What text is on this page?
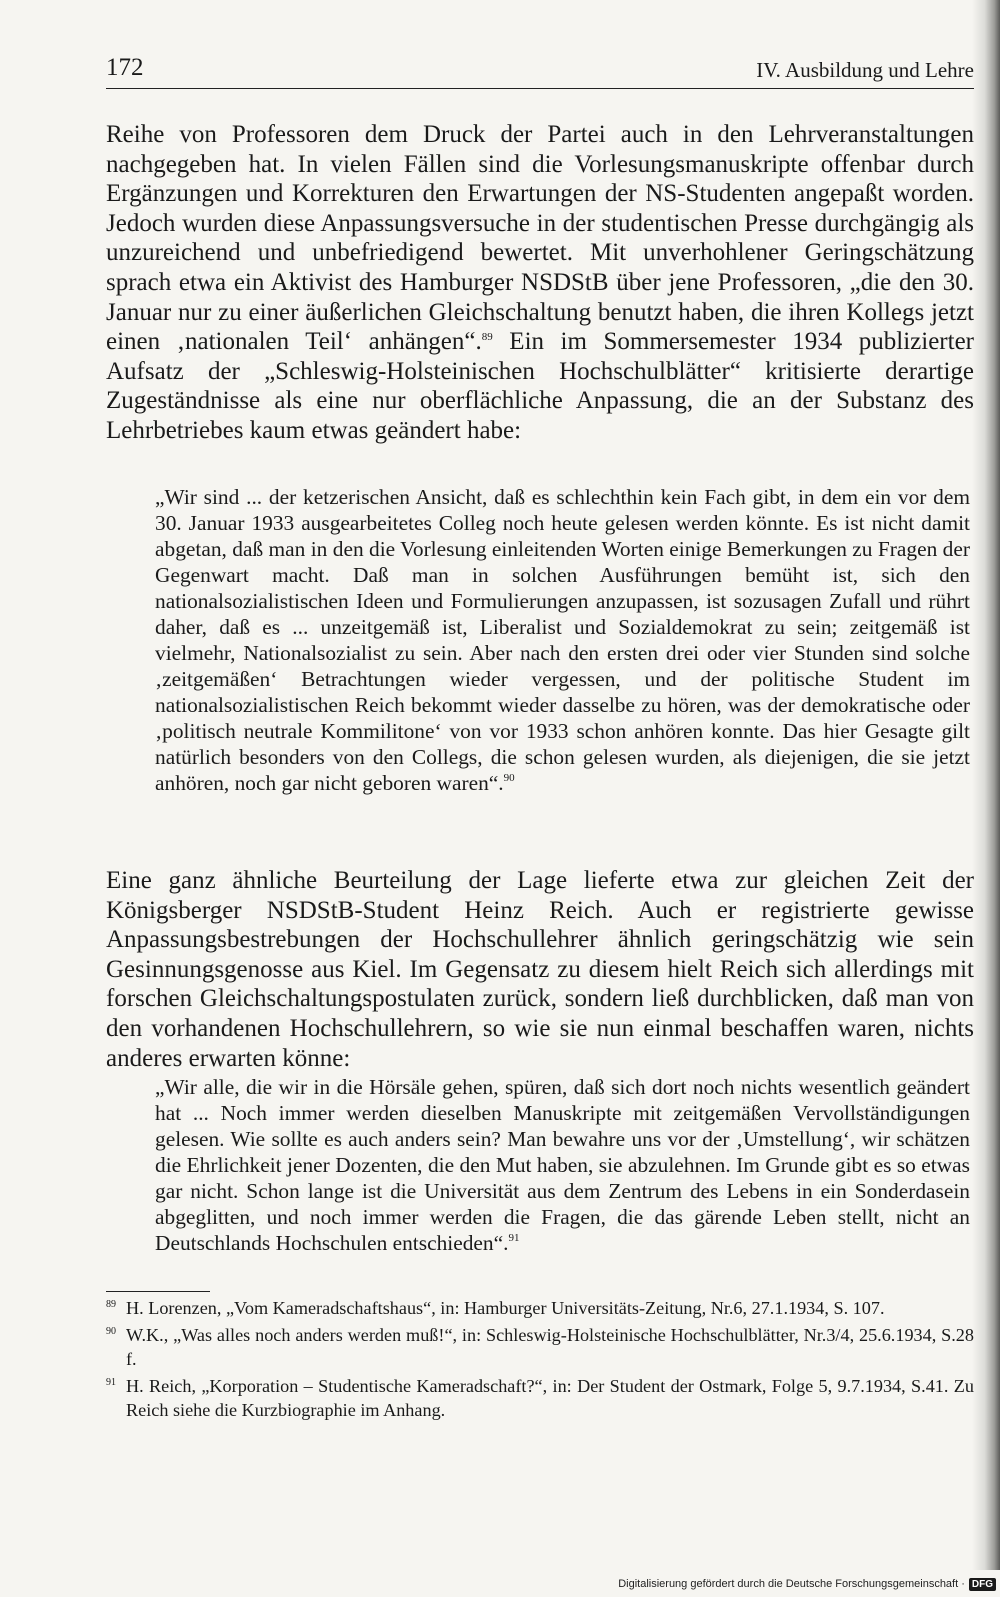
172	IV. Ausbildung und Lehre

Reihe von Professoren dem Druck der Partei auch in den Lehrveranstaltungen nachgegeben hat. In vielen Fällen sind die Vorlesungsmanuskripte offenbar durch Ergänzungen und Korrekturen den Erwartungen der NS-Studenten angepaßt worden. Jedoch wurden diese Anpassungsversuche in der studentischen Presse durchgängig als unzureichend und unbefriedigend bewertet. Mit unverhohlener Geringschätzung sprach etwa ein Aktivist des Hamburger NSDStB über jene Professoren, „die den 30. Januar nur zu einer äußerlichen Gleichschaltung benutzt haben, die ihren Kollegs jetzt einen ‚nationalen Teil‘ anhängen“.$^{89}$ Ein im Sommersemester 1934 publizierter Aufsatz der „Schleswig-Holsteinischen Hochschulblätter“ kritisierte derartige Zugeständnisse als eine nur oberflächliche Anpassung, die an der Substanz des Lehrbetriebes kaum etwas geändert habe:

„Wir sind ... der ketzerischen Ansicht, daß es schlechthin kein Fach gibt, in dem ein vor dem 30. Januar 1933 ausgearbeitetes Colleg noch heute gelesen werden könnte. Es ist nicht damit abgetan, daß man in den die Vorlesung einleitenden Worten einige Bemerkungen zu Fragen der Gegenwart macht. Daß man in solchen Ausführungen bemüht ist, sich den nationalsozialistischen Ideen und Formulierungen anzupassen, ist sozusagen Zufall und rührt daher, daß es ... unzeitgemäß ist, Liberalist und Sozialdemokrat zu sein; zeitgemäß ist vielmehr, Nationalsozialist zu sein. Aber nach den ersten drei oder vier Stunden sind solche ‚zeitgemäßen‘ Betrachtungen wieder vergessen, und der politische Student im nationalsozialistischen Reich bekommt wieder dasselbe zu hören, was der demokratische oder ‚politisch neutrale Kommilitone‘ von vor 1933 schon anhören konnte. Das hier Gesagte gilt natürlich besonders von den Collegs, die schon gelesen wurden, als diejenigen, die sie jetzt anhören, noch gar nicht geboren waren“.$^{90}$

Eine ganz ähnliche Beurteilung der Lage lieferte etwa zur gleichen Zeit der Königsberger NSDStB-Student Heinz Reich. Auch er registrierte gewisse Anpassungsbestrebungen der Hochschullehrer ähnlich geringschätzig wie sein Gesinnungsgenosse aus Kiel. Im Gegensatz zu diesem hielt Reich sich allerdings mit forschen Gleichschaltungspostulaten zurück, sondern ließ durchblicken, daß man von den vorhandenen Hochschullehrern, so wie sie nun einmal beschaffen waren, nichts anderes erwarten könne:

„Wir alle, die wir in die Hörsäle gehen, spüren, daß sich dort noch nichts wesentlich geändert hat ... Noch immer werden dieselben Manuskripte mit zeitgemäßen Vervollständigungen gelesen. Wie sollte es auch anders sein? Man bewahre uns vor der ‚Umstellung‘, wir schätzen die Ehrlichkeit jener Dozenten, die den Mut haben, sie abzulehnen. Im Grunde gibt es so etwas gar nicht. Schon lange ist die Universität aus dem Zentrum des Lebens in ein Sonderdasein abgeglitten, und noch immer werden die Fragen, die das gärende Leben stellt, nicht an Deutschlands Hochschulen entschieden“.$^{91}$

89 H. Lorenzen, „Vom Kameradschaftshaus“, in: Hamburger Universitäts-Zeitung, Nr.6, 27.1.1934, S. 107.

90 W.K., „Was alles noch anders werden muß!“, in: Schleswig-Holsteinische Hochschulblätter, Nr.3/4, 25.6.1934, S.28 f.

91 H. Reich, „Korporation – Studentische Kameradschaft?“, in: Der Student der Ostmark, Folge 5, 9.7.1934, S.41. Zu Reich siehe die Kurzbiographie im Anhang.

Digitalisierung gefördert durch die Deutsche Forschungsgemeinschaft · DFG
